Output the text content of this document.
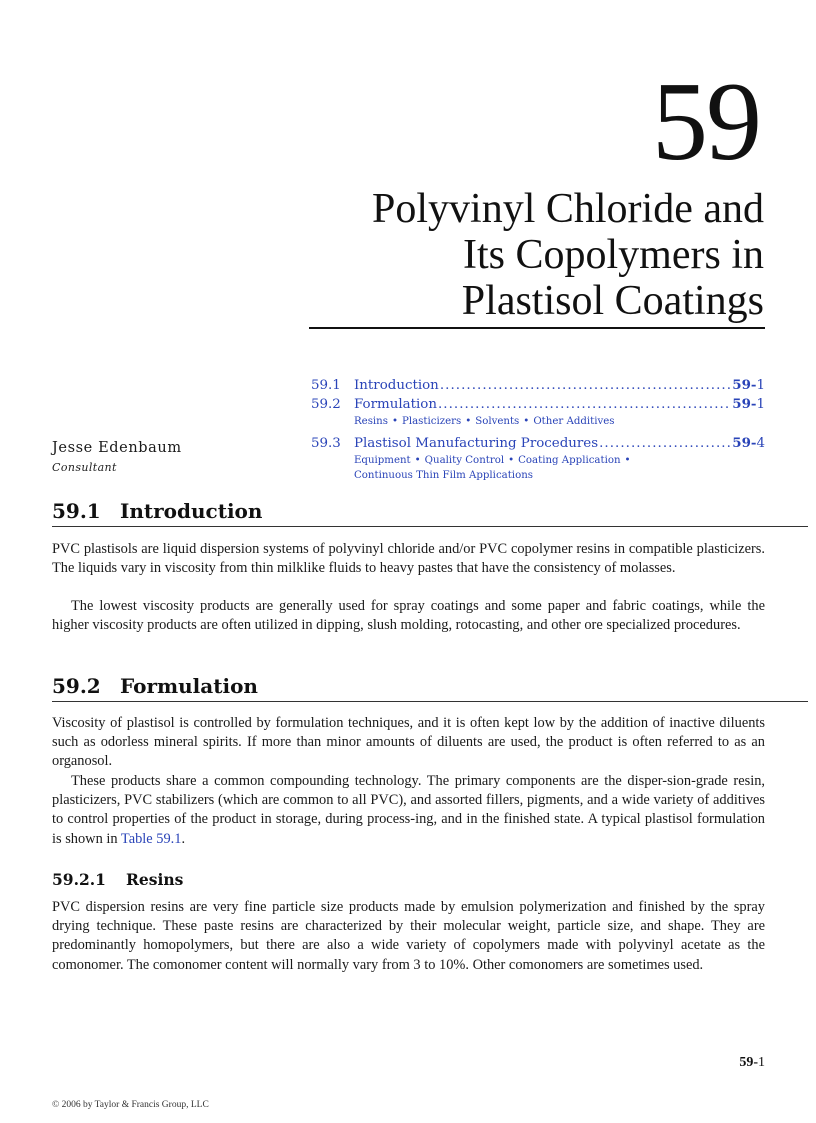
59
Polyvinyl Chloride and
Its Copolymers in
Plastisol Coatings
59.1 Introduction . . .	59-1
59.2 Formulation . . .	59-1
Resins • Plasticizers • Solvents • Other Additives
59.3 Plastisol Manufacturing Procedures . . .	59-4
Equipment • Quality Control • Coating Application •
Continuous Thin Film Applications
Jesse Edenbaum
Consultant
59.1 Introduction

PVC plastisols are liquid dispersion systems of polyvinyl chloride and/or PVC copolymer resins in compatible plasticizers. The liquids vary in viscosity from thin milklike fluids to heavy pastes that have the consistency of molasses.

The lowest viscosity products are generally used for spray coatings and some paper and fabric coatings, while the higher viscosity products are often utilized in dipping, slush molding, rotocasting, and other ore specialized procedures.

59.2 Formulation

Viscosity of plastisol is controlled by formulation techniques, and it is often kept low by the addition of inactive diluents such as odorless mineral spirits. If more than minor amounts of diluents are used, the product is often referred to as an organosol.

These products share a common compounding technology. The primary components are the disper-sion-grade resin, plasticizers, PVC stabilizers (which are common to all PVC), and assorted fillers, pigments, and a wide variety of additives to control properties of the product in storage, during process-ing, and in the finished state. A typical plastisol formulation is shown in Table 59.1.

59.2.1 Resins

PVC dispersion resins are very fine particle size products made by emulsion polymerization and finished by the spray drying technique. These paste resins are characterized by their molecular weight, particle size, and shape. They are predominantly homopolymers, but there are also a wide variety of copolymers made with polyvinyl acetate as the comonomer. The comonomer content will normally vary from 3 to 10%. Other comonomers are sometimes used.

59-1
© 2006 by Taylor & Francis Group, LLC
